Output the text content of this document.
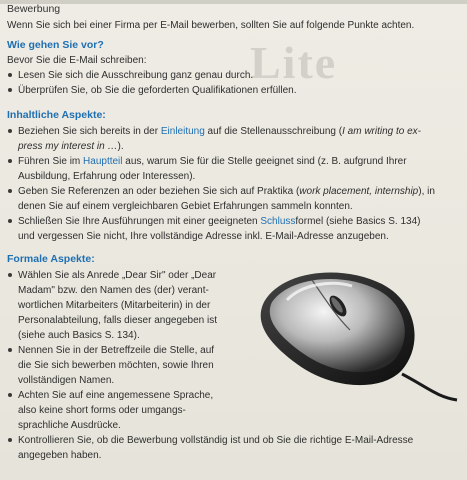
Lite
Bewerbung
Wenn Sie sich bei einer Firma per E-Mail bewerben, sollten Sie auf folgende Punkte achten.
Wie gehen Sie vor?
Bevor Sie die E-Mail schreiben:
Lesen Sie sich die Ausschreibung ganz genau durch.
Überprüfen Sie, ob Sie die geforderten Qualifikationen erfüllen.
Inhaltliche Aspekte:
Beziehen Sie sich bereits in der Einleitung auf die Stellenausschreibung (I am writing to ex-
press my interest in …).
Führen Sie im Hauptteil aus, warum Sie für die Stelle geeignet sind (z. B. aufgrund Ihrer
Ausbildung, Erfahrung oder Interessen).
Geben Sie Referenzen an oder beziehen Sie sich auf Praktika (work placement, internship), in
denen Sie auf einem vergleichbaren Gebiet Erfahrungen sammeln konnten.
Schließen Sie Ihre Ausführungen mit einer geeigneten Schlussformel (siehe Basics S. 134)
und vergessen Sie nicht, Ihre vollständige Adresse inkl. E-Mail-Adresse anzugeben.
Formale Aspekte:
Wählen Sie als Anrede „Dear Sir" oder „Dear
Madam" bzw. den Namen des (der) verant-
wortlichen Mitarbeiters (Mitarbeiterin) in der
Personalabteilung, falls dieser angegeben ist
(siehe auch Basics S. 134).
Nennen Sie in der Betreffzeile die Stelle, auf
die Sie sich bewerben möchten, sowie Ihren
vollständigen Namen.
Achten Sie auf eine angemessene Sprache,
also keine short forms oder umgangs-
sprachliche Ausdrücke.
Kontrollieren Sie, ob die Bewerbung vollständig ist und ob Sie die richtige E-Mail-Adresse
angegeben haben.
